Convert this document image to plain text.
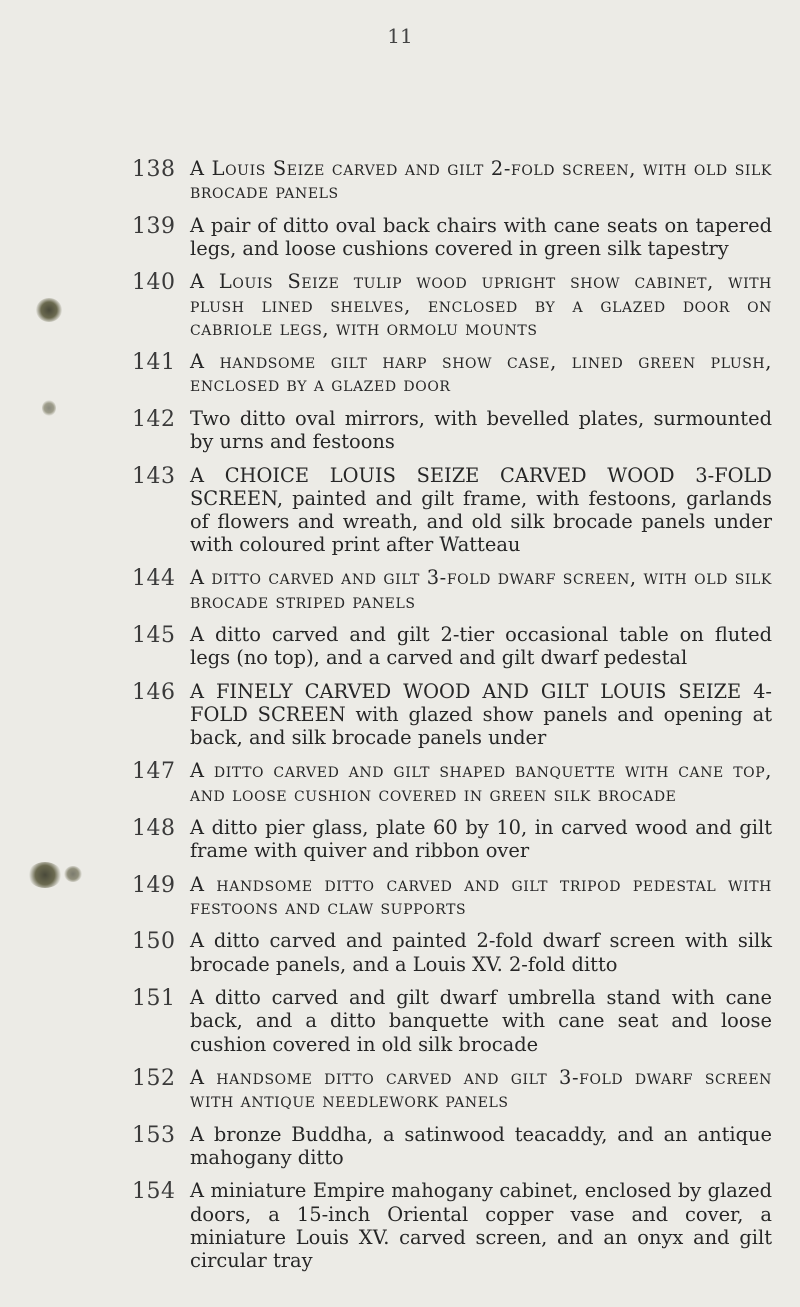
11
138 A Louis Seize carved and gilt 2-fold screen, with old silk brocade panels
139 A pair of ditto oval back chairs with cane seats on tapered legs, and loose cushions covered in green silk tapestry
140 A Louis Seize tulip wood upright show cabinet, with plush lined shelves, enclosed by a glazed door on cabriole legs, with ormolu mounts
141 A handsome gilt harp show case, lined green plush, enclosed by a glazed door
142 Two ditto oval mirrors, with bevelled plates, surmounted by urns and festoons
143 A CHOICE LOUIS SEIZE CARVED WOOD 3-FOLD SCREEN, painted and gilt frame, with festoons, garlands of flowers and wreath, and old silk brocade panels under with coloured print after Watteau
144 A ditto carved and gilt 3-fold dwarf screen, with old silk brocade striped panels
145 A ditto carved and gilt 2-tier occasional table on fluted legs (no top), and a carved and gilt dwarf pedestal
146 A FINELY CARVED WOOD AND GILT LOUIS SEIZE 4-FOLD SCREEN with glazed show panels and opening at back, and silk brocade panels under
147 A ditto carved and gilt shaped banquette with cane top, and loose cushion covered in green silk brocade
148 A ditto pier glass, plate 60 by 10, in carved wood and gilt frame with quiver and ribbon over
149 A handsome ditto carved and gilt tripod pedestal with festoons and claw supports
150 A ditto carved and painted 2-fold dwarf screen with silk brocade panels, and a Louis XV. 2-fold ditto
151 A ditto carved and gilt dwarf umbrella stand with cane back, and a ditto banquette with cane seat and loose cushion covered in old silk brocade
152 A handsome ditto carved and gilt 3-fold dwarf screen with antique needlework panels
153 A bronze Buddha, a satinwood teacaddy, and an antique mahogany ditto
154 A miniature Empire mahogany cabinet, enclosed by glazed doors, a 15-inch Oriental copper vase and cover, a miniature Louis XV. carved screen, and an onyx and gilt circular tray
